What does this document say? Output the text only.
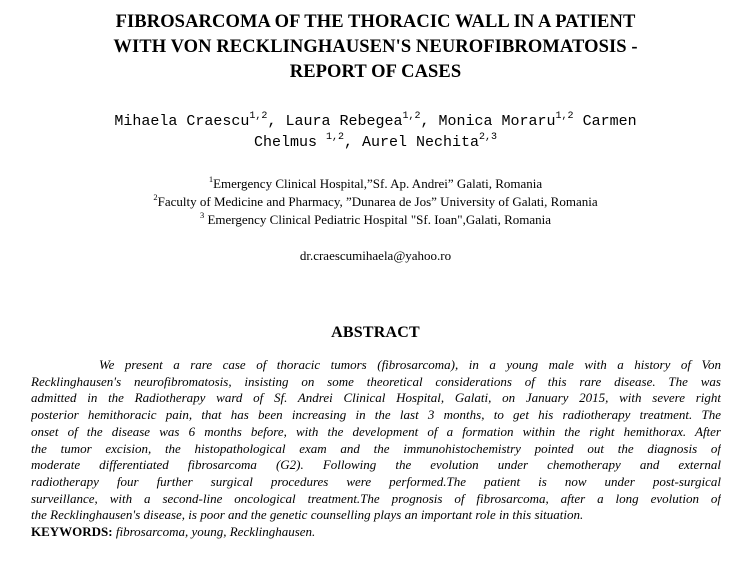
FIBROSARCOMA OF THE THORACIC WALL IN A PATIENT
WITH VON RECKLINGHAUSEN'S NEUROFIBROMATOSIS -
REPORT OF CASES
Mihaela Craescu$^{1,2}$, Laura Rebegea$^{1,2}$, Monica Moraru$^{1,2}$ Carmen
Chelmus $^{1,2}$, Aurel Nechita$^{2,3}$
$^1$Emergency Clinical Hospital,”Sf. Ap. Andrei” Galati, Romania
$^2$Faculty of Medicine and Pharmacy, ”Dunarea de Jos” University of Galati, Romania
$^3$ Emergency Clinical Pediatric Hospital "Sf. Ioan",Galati, Romania
dr.craescumihaela@yahoo.ro
ABSTRACT
We present a rare case of thoracic tumors (fibrosarcoma), in a young male with a history of Von
Recklinghausen's neurofibromatosis, insisting on some theoretical considerations of this rare disease. The was
admitted in the Radiotherapy ward of Sf. Andrei Clinical Hospital, Galati, on January 2015, with severe right
posterior hemithoracic pain, that has been increasing in the last 3 months, to get his radiotherapy treatment. The
onset of the disease was 6 months before, with the development of a formation within the right hemithorax. After
the tumor excision, the histopathological exam and the immunohistochemistry pointed out the diagnosis of
moderate differentiated fibrosarcoma (G2). Following the evolution under chemotherapy and external
radiotherapy four further surgical procedures were performed.The patient is now under post-surgical
surveillance, with a second-line oncological treatment.The prognosis of fibrosarcoma, after a long evolution of
the Recklinghausen's disease, is poor and the genetic counselling plays an important role in this situation.
KEYWORDS: fibrosarcoma, young, Recklinghausen.
